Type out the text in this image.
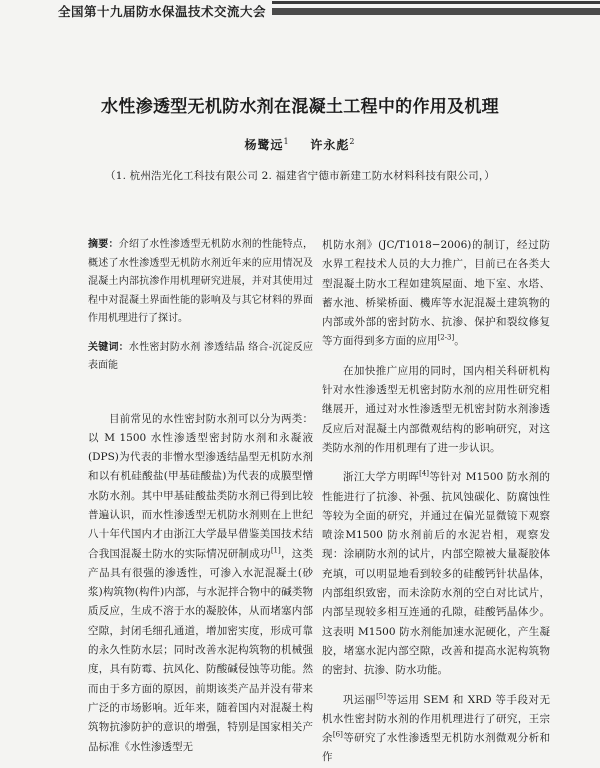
全国第十九届防水保温技术交流大会
水性渗透型无机防水剂在混凝土工程中的作用及机理
杨鹭远$^1$ 许永彪$^2$
（1. 杭州浩光化工科技有限公司 2. 福建省宁德市新建工防水材料科技有限公司，）

摘要：介绍了水性渗透型无机防水剂的性能特点，概述了水性渗透型无机防水剂近年来的应用情况及混凝土内部抗渗作用机理研究进展，并对其使用过程中对混凝土界面性能的影响及与其它材料的界面作用机理进行了探讨。

关键词：水性密封防水剂 渗透结晶 络合-沉淀反应 表面能

目前常见的水性密封防水剂可以分为两类：以 M 1500 水性渗透型密封防水剂和永凝液(DPS)为代表的非憎水型渗透结晶型无机防水剂和以有机硅酸盐(甲基硅酸盐)为代表的成膜型憎水防水剂。其中甲基硅酸盐类防水剂已得到比较普遍认识，而水性渗透型无机防水剂则在上世纪八十年代国内才由浙江大学最早借鉴美国技术结合我国混凝土防水的实际情况研制成功[1]，这类产品具有很强的渗透性，可渗入水泥混凝土(砂浆)构筑物(构件)内部，与水泥拌合物中的碱类物质反应，生成不溶于水的凝胶体，从而堵塞内部空隙，封闭毛细孔通道，增加密实度，形成可靠的永久性防水层；同时改善水泥构筑物的机械强度，具有防霉、抗风化、防酸碱侵蚀等功能。然而由于多方面的原因，前期该类产品并没有带来广泛的市场影响。近年来，随着国内对混凝土构筑物抗渗防护的意识的增强，特别是国家相关产品标准《水性渗透型无

机防水剂》(JC/T1018−2006)的制订，经过防水界工程技术人员的大力推广，目前已在各类大型混凝土防水工程如建筑屋面、地下室、水塔、蓄水池、桥梁桥面、機库等水泥混凝土建筑物的内部或外部的密封防水、抗渗、保护和裂纹修复等方面得到多方面的应用[2-3]。

在加快推广应用的同时，国内相关科研机构针对水性渗透型无机密封防水剂的应用性研究相继展开，通过对水性渗透型无机密封防水剂渗透反应后对混凝土内部微观结构的影响研究，对这类防水剂的作用机理有了进一步认识。

浙江大学方明晖[4]等针对 M1500 防水剂的性能进行了抗渗、补强、抗风蚀碳化、防腐蚀性等较为全面的研究，并通过在偏光显微镜下观察喷涂M1500 防水剂前后的水泥岩相，观察发现：涂刷防水剂的试片，内部空隙被大量凝胶体充填，可以明显地看到较多的硅酸钙针状晶体，内部组织致密，而未涂防水剂的空白对比试片，内部呈现较多相互连通的孔隙，硅酸钙晶体少。这表明 M1500 防水剂能加速水泥硬化，产生凝胶，堵塞水泥内部空隙，改善和提高水泥构筑物的密封、抗渗、防水功能。

巩运丽[5]等运用 SEM 和 XRD 等手段对无机水性密封防水剂的作用机理进行了研究，王宗余[6]等研究了水性渗透型无机防水剂微观分析和作
